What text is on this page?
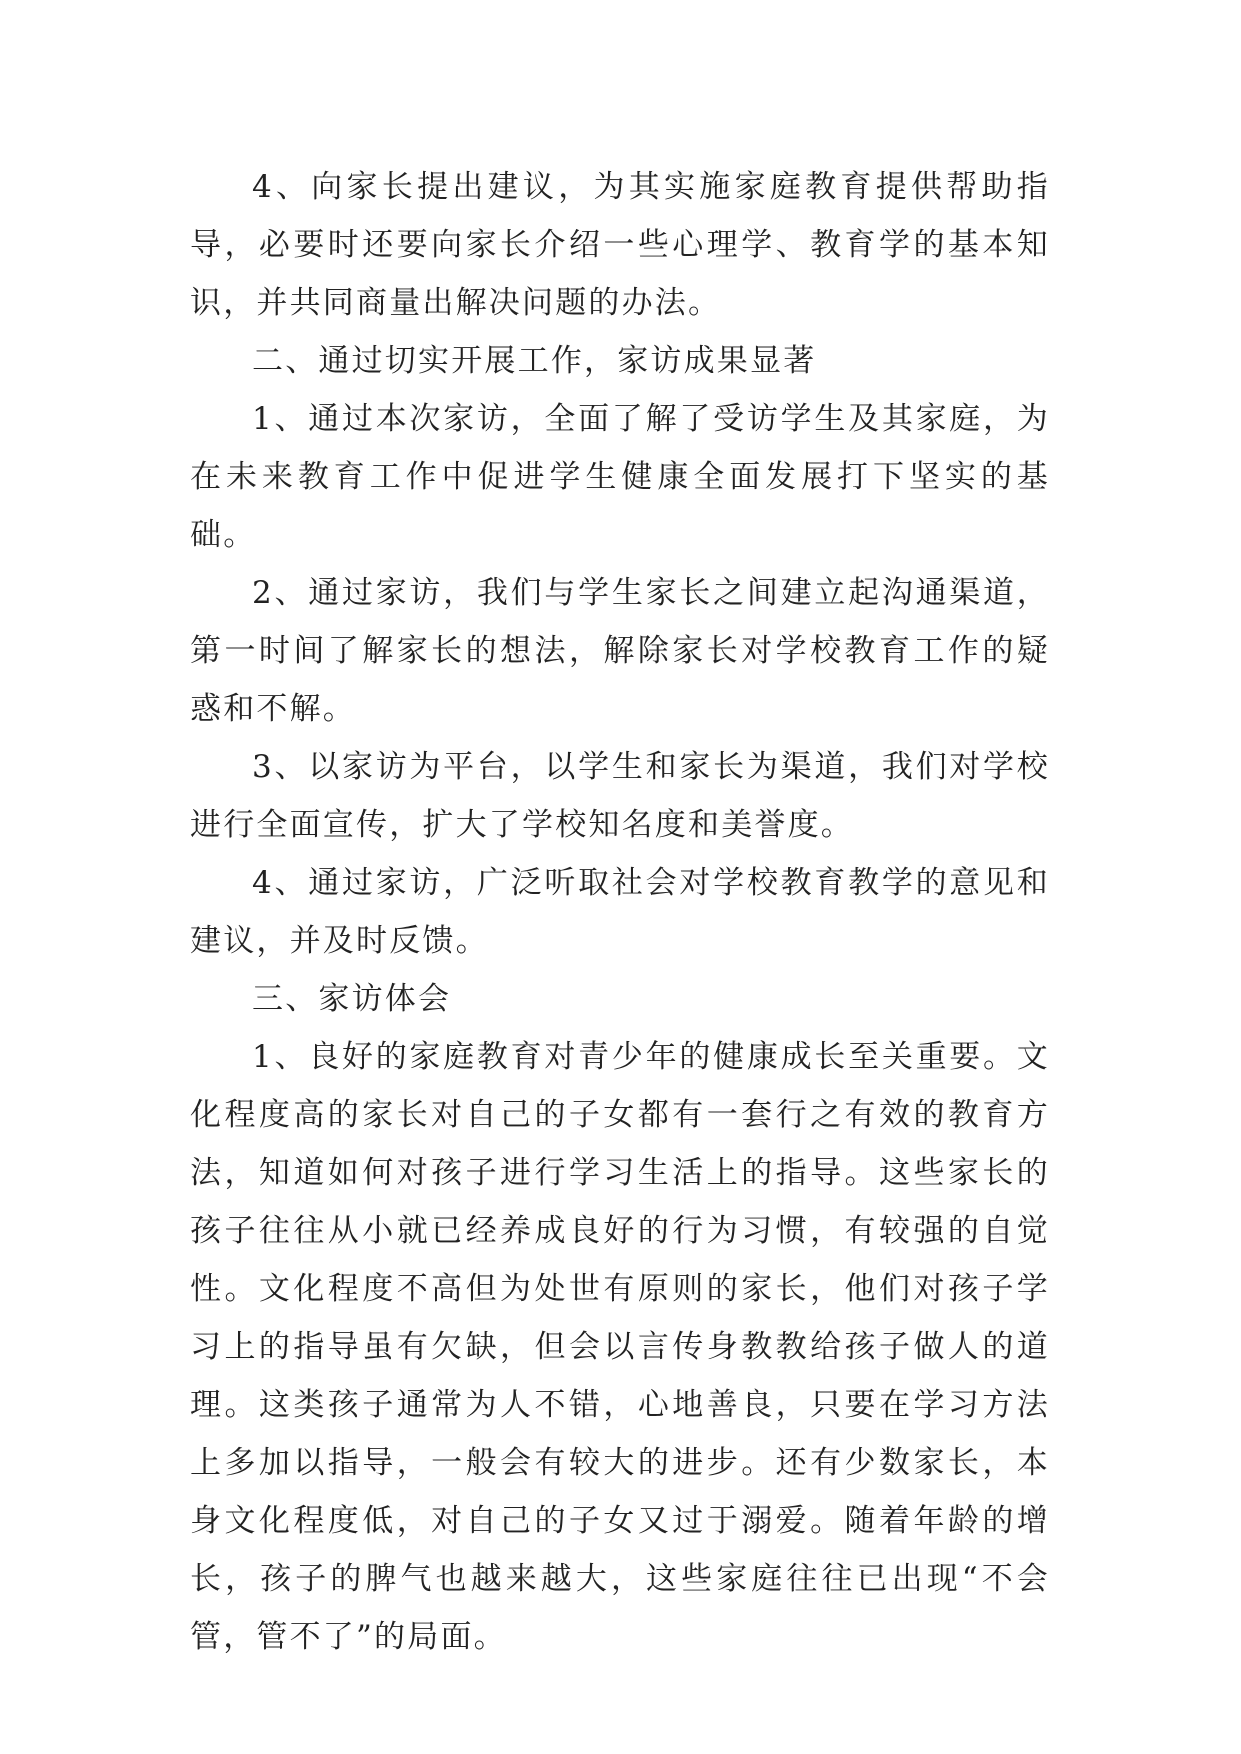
4、向家长提出建议，为其实施家庭教育提供帮助指导，必要时还要向家长介绍一些心理学、教育学的基本知识，并共同商量出解决问题的办法。

二、通过切实开展工作，家访成果显著

1、通过本次家访，全面了解了受访学生及其家庭，为在未来教育工作中促进学生健康全面发展打下坚实的基础。

2、通过家访，我们与学生家长之间建立起沟通渠道，第一时间了解家长的想法，解除家长对学校教育工作的疑惑和不解。

3、以家访为平台，以学生和家长为渠道，我们对学校进行全面宣传，扩大了学校知名度和美誉度。

4、通过家访，广泛听取社会对学校教育教学的意见和建议，并及时反馈。

三、家访体会

1、良好的家庭教育对青少年的健康成长至关重要。文化程度高的家长对自己的子女都有一套行之有效的教育方法，知道如何对孩子进行学习生活上的指导。这些家长的孩子往往从小就已经养成良好的行为习惯，有较强的自觉性。文化程度不高但为处世有原则的家长，他们对孩子学习上的指导虽有欠缺，但会以言传身教教给孩子做人的道理。这类孩子通常为人不错，心地善良，只要在学习方法上多加以指导，一般会有较大的进步。还有少数家长，本身文化程度低，对自己的子女又过于溺爱。随着年龄的增长，孩子的脾气也越来越大，这些家庭往往已出现“不会管，管不了”的局面。
